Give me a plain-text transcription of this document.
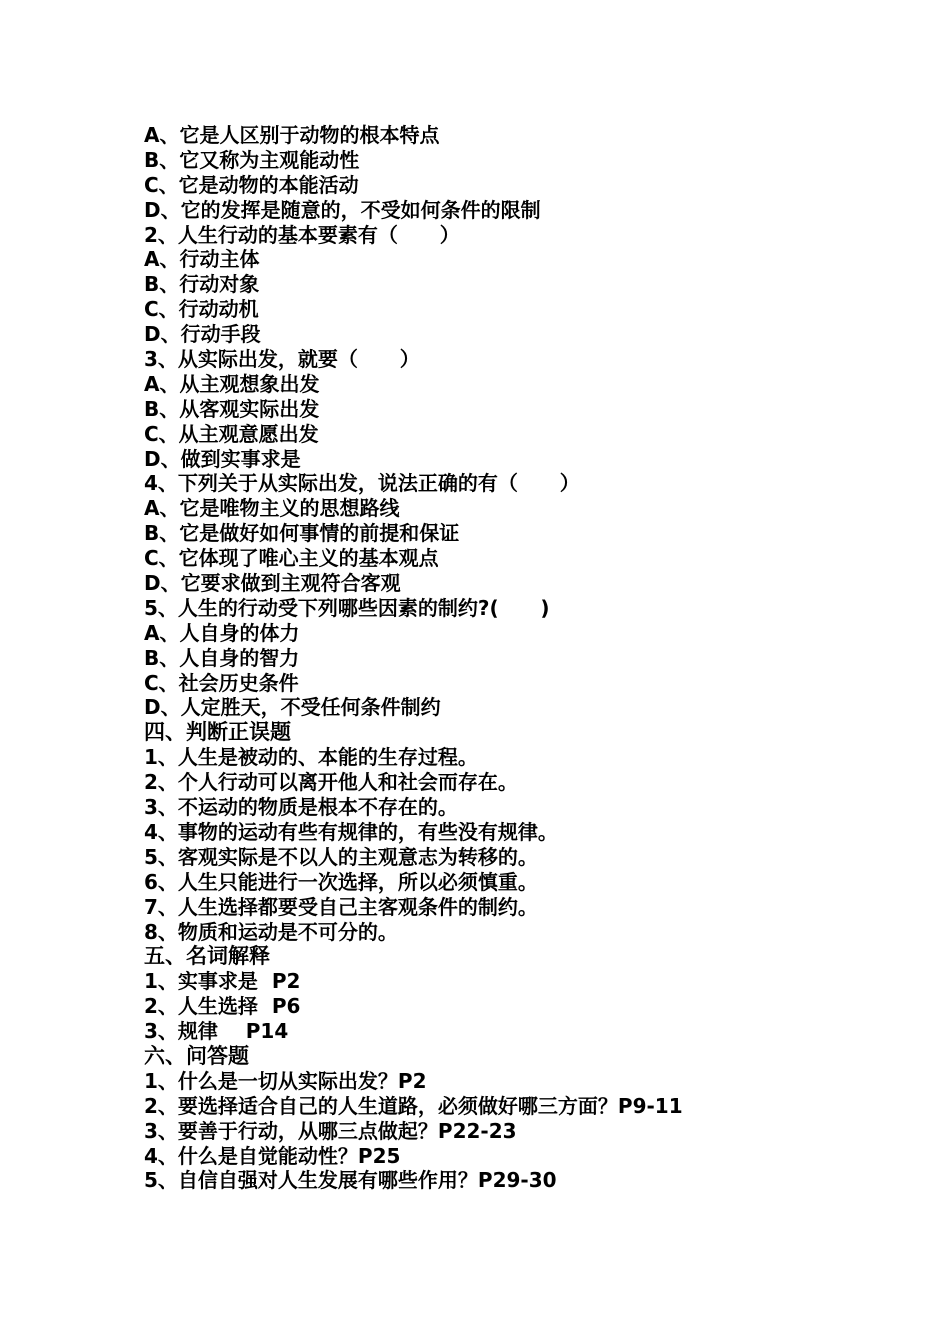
A、它是人区别于动物的根本特点
B、它又称为主观能动性
C、它是动物的本能活动
D、它的发挥是随意的，不受如何条件的限制
2、人生行动的基本要素有（      ）
A、行动主体
B、行动对象
C、行动动机
D、行动手段
3、从实际出发，就要（      ）
A、从主观想象出发
B、从客观实际出发
C、从主观意愿出发
D、做到实事求是
4、下列关于从实际出发，说法正确的有（      ）
A、它是唯物主义的思想路线
B、它是做好如何事情的前提和保证
C、它体现了唯心主义的基本观点
D、它要求做到主观符合客观
5、人生的行动受下列哪些因素的制约?(      )
A、人自身的体力
B、人自身的智力
C、社会历史条件
D、人定胜天，不受任何条件制约
四、判断正误题
1、人生是被动的、本能的生存过程。
2、个人行动可以离开他人和社会而存在。
3、不运动的物质是根本不存在的。
4、事物的运动有些有规律的，有些没有规律。
5、客观实际是不以人的主观意志为转移的。
6、人生只能进行一次选择，所以必须慎重。
7、人生选择都要受自己主客观条件的制约。
8、物质和运动是不可分的。
五、名词解释
1、实事求是  P2
2、人生选择  P6
3、规律    P14
六、问答题
1、什么是一切从实际出发？P2
2、要选择适合自己的人生道路，必须做好哪三方面？P9-11
3、要善于行动，从哪三点做起？P22-23
4、什么是自觉能动性？P25
5、自信自强对人生发展有哪些作用？P29-30
